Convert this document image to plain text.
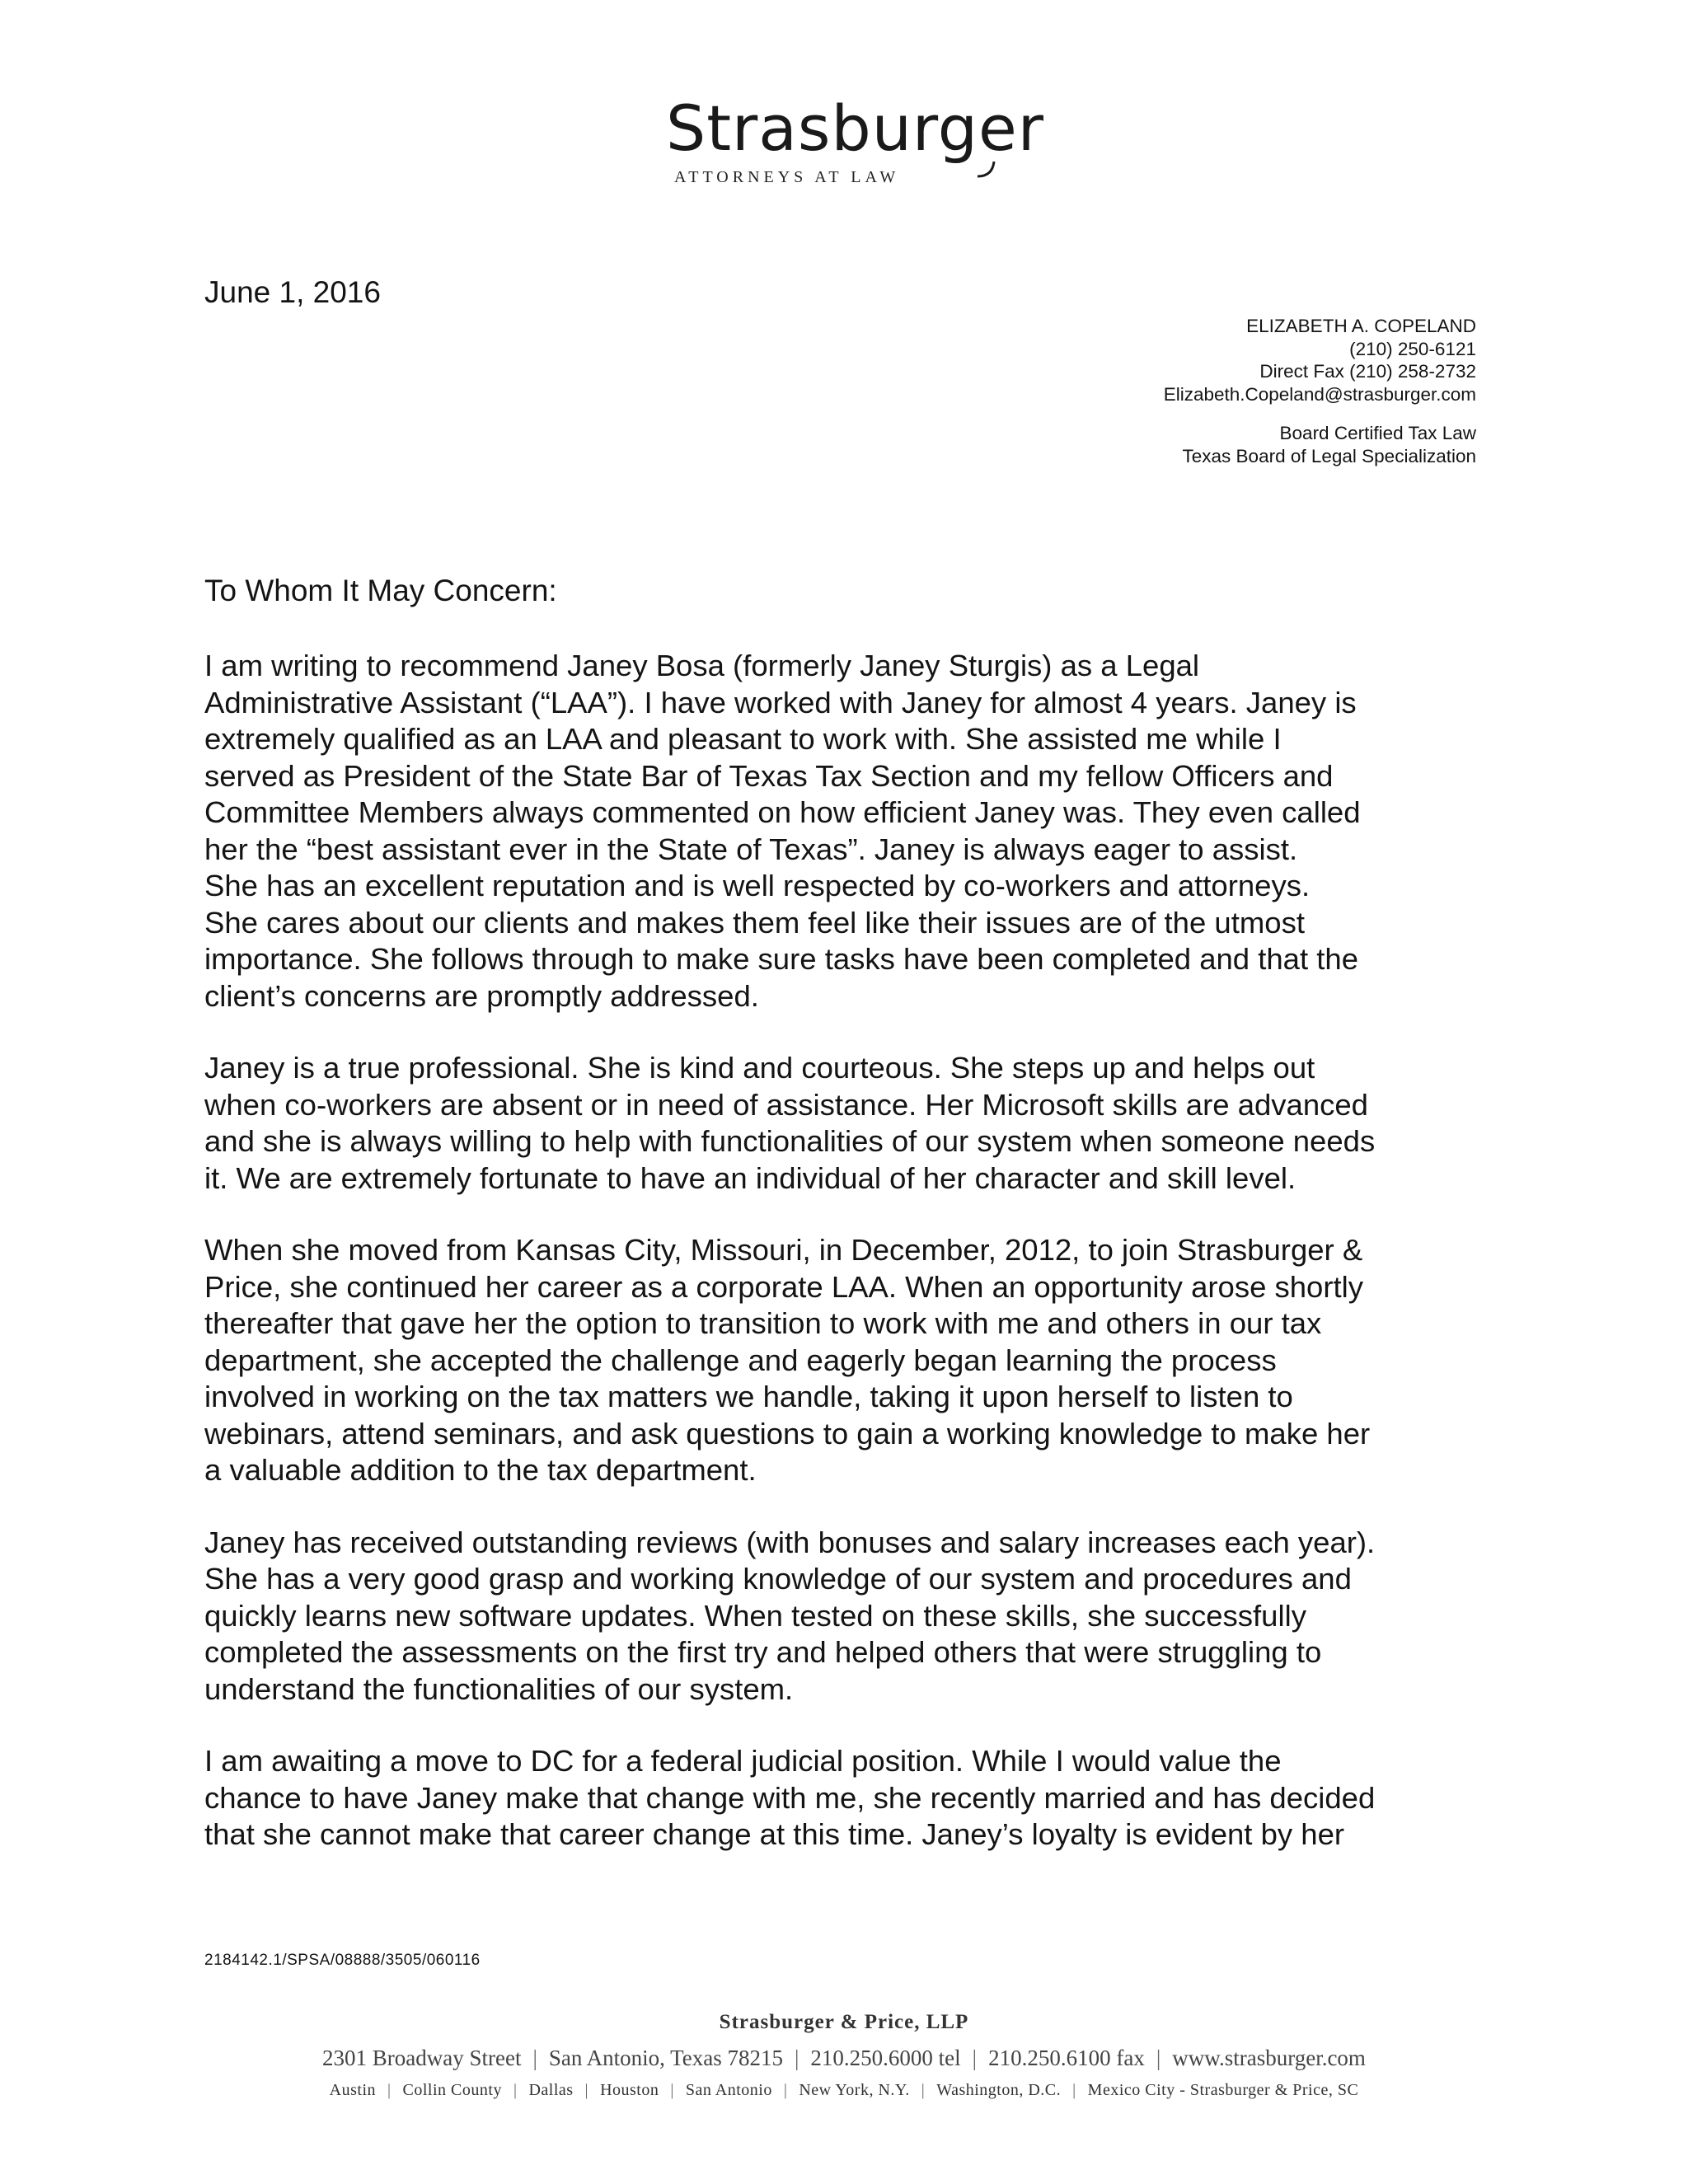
Strasburger
ATTORNEYS AT LAW
June 1, 2016
ELIZABETH A. COPELAND
(210) 250-6121
Direct Fax (210) 258-2732
Elizabeth.Copeland@strasburger.com
Board Certified Tax Law
Texas Board of Legal Specialization
To Whom It May Concern:

I am writing to recommend Janey Bosa (formerly Janey Sturgis) as a Legal
Administrative Assistant (“LAA”). I have worked with Janey for almost 4 years. Janey is
extremely qualified as an LAA and pleasant to work with. She assisted me while I
served as President of the State Bar of Texas Tax Section and my fellow Officers and
Committee Members always commented on how efficient Janey was. They even called
her the “best assistant ever in the State of Texas”. Janey is always eager to assist.
She has an excellent reputation and is well respected by co-workers and attorneys.
She cares about our clients and makes them feel like their issues are of the utmost
importance. She follows through to make sure tasks have been completed and that the
client’s concerns are promptly addressed.

Janey is a true professional. She is kind and courteous. She steps up and helps out
when co-workers are absent or in need of assistance. Her Microsoft skills are advanced
and she is always willing to help with functionalities of our system when someone needs
it. We are extremely fortunate to have an individual of her character and skill level.

When she moved from Kansas City, Missouri, in December, 2012, to join Strasburger &
Price, she continued her career as a corporate LAA. When an opportunity arose shortly
thereafter that gave her the option to transition to work with me and others in our tax
department, she accepted the challenge and eagerly began learning the process
involved in working on the tax matters we handle, taking it upon herself to listen to
webinars, attend seminars, and ask questions to gain a working knowledge to make her
a valuable addition to the tax department.

Janey has received outstanding reviews (with bonuses and salary increases each year).
She has a very good grasp and working knowledge of our system and procedures and
quickly learns new software updates. When tested on these skills, she successfully
completed the assessments on the first try and helped others that were struggling to
understand the functionalities of our system.

I am awaiting a move to DC for a federal judicial position. While I would value the
chance to have Janey make that change with me, she recently married and has decided
that she cannot make that career change at this time. Janey’s loyalty is evident by her

2184142.1/SPSA/08888/3505/060116
Strasburger & Price, LLP
2301 Broadway Street | San Antonio, Texas 78215 | 210.250.6000 tel | 210.250.6100 fax | www.strasburger.com
Austin | Collin County | Dallas | Houston | San Antonio | New York, N.Y. | Washington, D.C. | Mexico City - Strasburger & Price, SC
